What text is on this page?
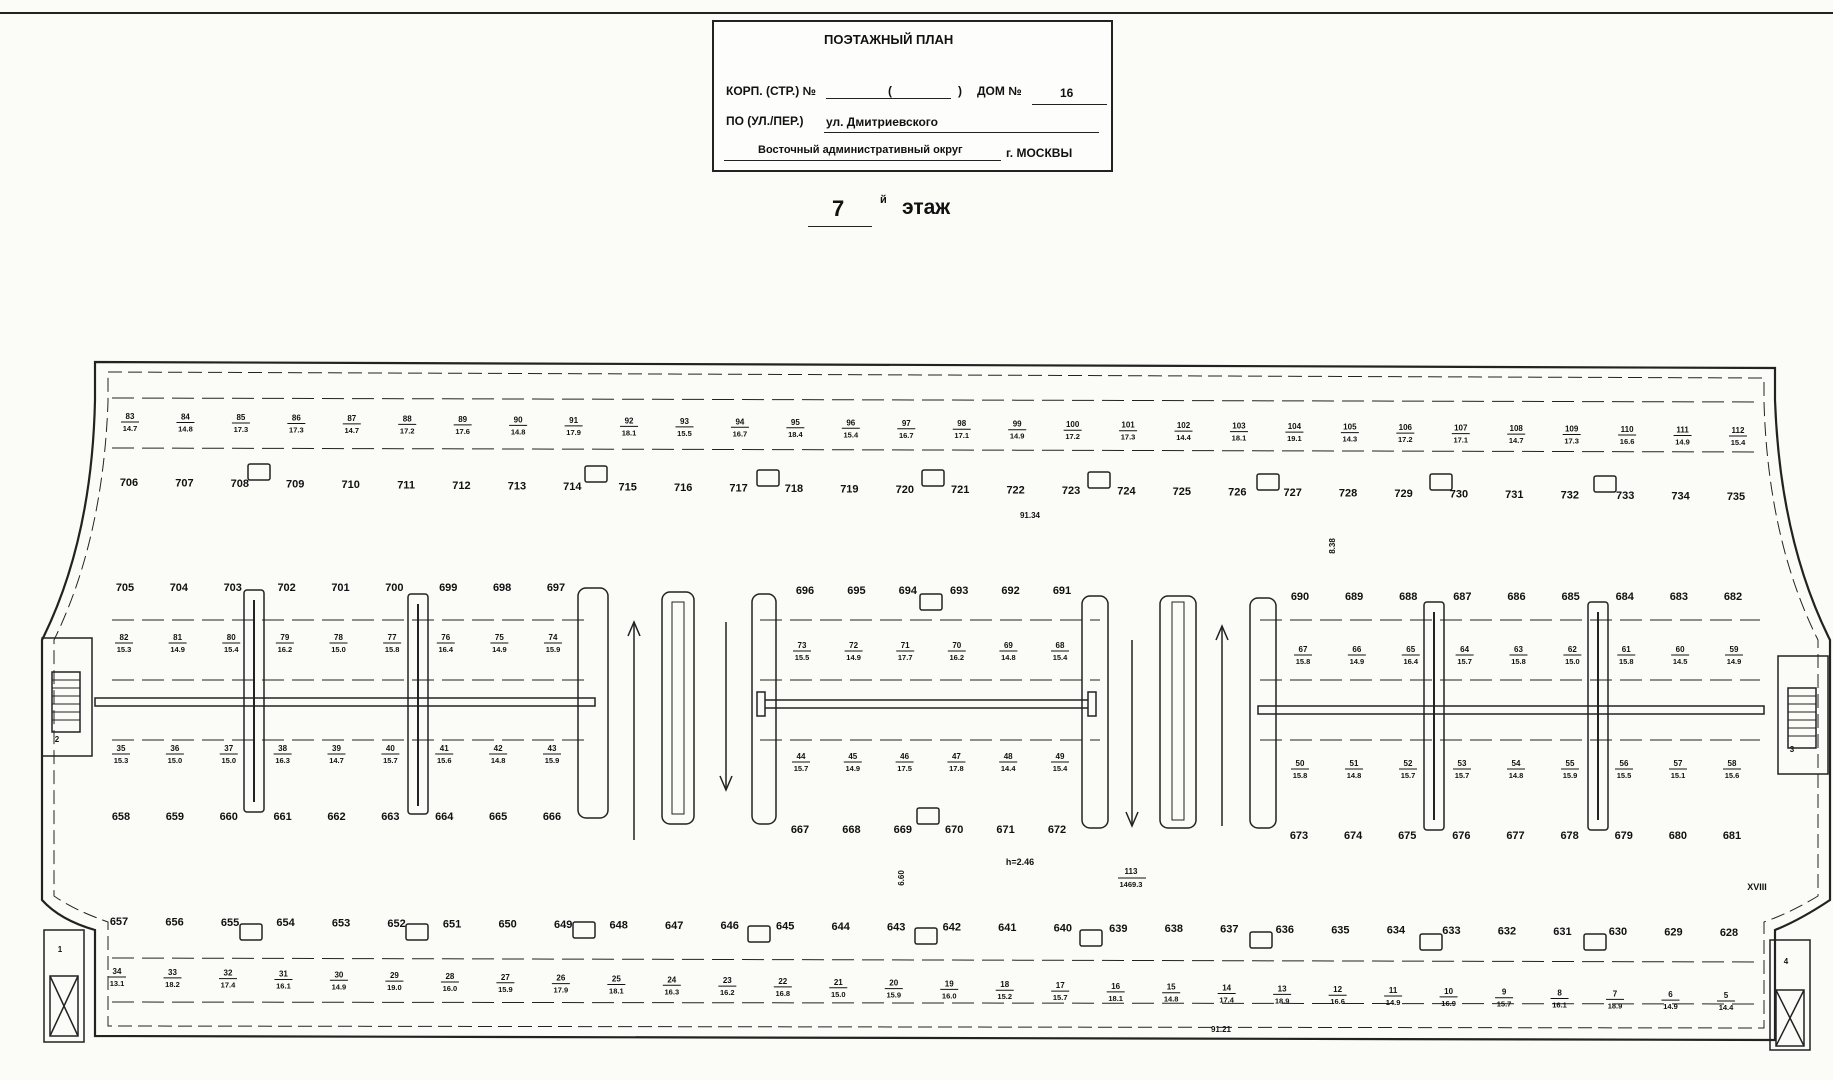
ПОЭТАЖНЫЙ ПЛАН
КОРП. (СТР.) №	(	) ДОМ №	16
ПО (УЛ./ПЕР.) ул. Дмитриевского
Восточный административный округ	г. МОСКВЫ
7	й этаж
83
14.7
84
14.8
85
17.3
86
17.3
87
14.7
88
17.2
89
17.6
90
14.8
91
17.9
92
18.1
93
15.5
94
16.7
95
18.4
96
15.4
97
16.7
98
17.1
99
14.9
100
17.2
101
17.3
102
14.4
103
18.1
104
19.1
105
14.3
106
17.2
107
17.1
108
14.7
109
17.3
110
16.6
111
14.9
112
15.4
706	707	708	709	710	711	712	713	714	715	716	717	718	719	720	721	722	723	724	725	726	727	728	729	730	731	732	733	734	735
705	704	703	702	701	700	699	698	697	696	695	694	693	692	691	690	689	688	687	686	685	684	683	682
82
15.3
81
14.9
80
15.4
79
16.2
78
15.0
77
15.8
76
16.4
75
14.9
74
15.9	73
15.5
72
14.9
71
17.7
70
16.2
69
14.8
68
15.4
67
15.8
66
14.9
65
16.4
64
15.7
63
15.8
62
15.0
61
15.8
60
14.5
59
14.9
35
15.3
36
15.0
37
15.0
38
16.3
39
14.7
40
15.7
41
15.6
42
14.8
43
15.9	44
15.7
45
14.9
46
17.5
47
17.8
48
14.4
49
15.4
50
15.8
51
14.8
52
15.7
53
15.7
54
14.8
55
15.9
56
15.5
57
15.1
58
15.6
658	659	660	661	662	663	664	665	666
667	668	669	670	671	672	673	674	675	676	677	678	679	680	681
657	656	655	654	653	652	651	650	649	648	647	646	645	644	643	642	641	640	639	638	637	636	635	634	633	632	631	630	629	628
34
13.1
33
18.2
32
17.4
31
16.1
30
14.9
29
19.0
28
16.0
27
15.9
26
17.9
25
18.1
24
16.3
23
16.2
22
16.8
21
15.0
20
15.9
19
16.0
18
15.2
17
15.7
16
18.1
15
14.8
14
17.4
13
18.9
12
16.6
11
14.9
10
16.9
9
15.7
8
16.1
7
18.9
6
14.9
5
14.4
91.34
8.38
6.60
h=2.46
113
1469.3	XVIII
91.21
2
3
1
4
